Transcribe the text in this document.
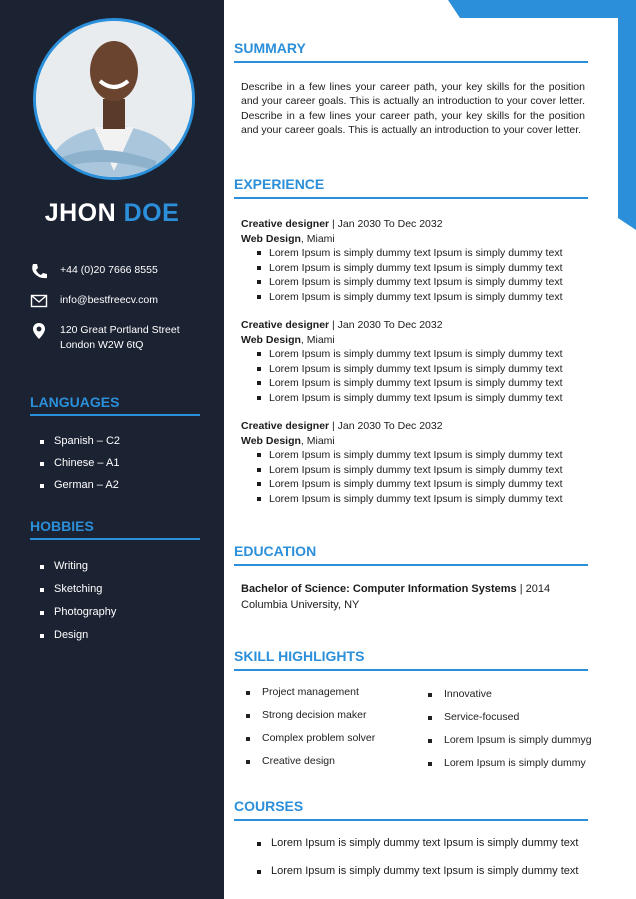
JHON DOE
+44 (0)20 7666 8555
info@bestfreecv.com
120 Great Portland Street
London W2W 6tQ
LANGUAGES
Spanish – C2
Chinese – A1
German – A2
HOBBIES
Writing
Sketching
Photography
Design
SUMMARY

Describe in a few lines your career path, your key skills for the position and your career goals. This is actually an introduction to your cover letter. Describe in a few lines your career path, your key skills for the position and your career goals. This is actually an introduction to your cover letter.

EXPERIENCE
Creative designer | Jan 2030 To Dec 2032
Web Design, Miami
Lorem Ipsum is simply dummy text Ipsum is simply dummy text
Lorem Ipsum is simply dummy text Ipsum is simply dummy text
Lorem Ipsum is simply dummy text Ipsum is simply dummy text
Lorem Ipsum is simply dummy text Ipsum is simply dummy text
Creative designer | Jan 2030 To Dec 2032
Web Design, Miami
Lorem Ipsum is simply dummy text Ipsum is simply dummy text
Lorem Ipsum is simply dummy text Ipsum is simply dummy text
Lorem Ipsum is simply dummy text Ipsum is simply dummy text
Lorem Ipsum is simply dummy text Ipsum is simply dummy text
Creative designer | Jan 2030 To Dec 2032
Web Design, Miami
Lorem Ipsum is simply dummy text Ipsum is simply dummy text
Lorem Ipsum is simply dummy text Ipsum is simply dummy text
Lorem Ipsum is simply dummy text Ipsum is simply dummy text
Lorem Ipsum is simply dummy text Ipsum is simply dummy text
EDUCATION
Bachelor of Science: Computer Information Systems | 2014
Columbia University, NY
SKILL HIGHLIGHTS
Project management
Strong decision maker
Complex problem solver
Creative design
Innovative
Service-focused
Lorem Ipsum is simply dummyg
Lorem Ipsum is simply dummy
COURSES
Lorem Ipsum is simply dummy text Ipsum is simply dummy text
Lorem Ipsum is simply dummy text Ipsum is simply dummy text
